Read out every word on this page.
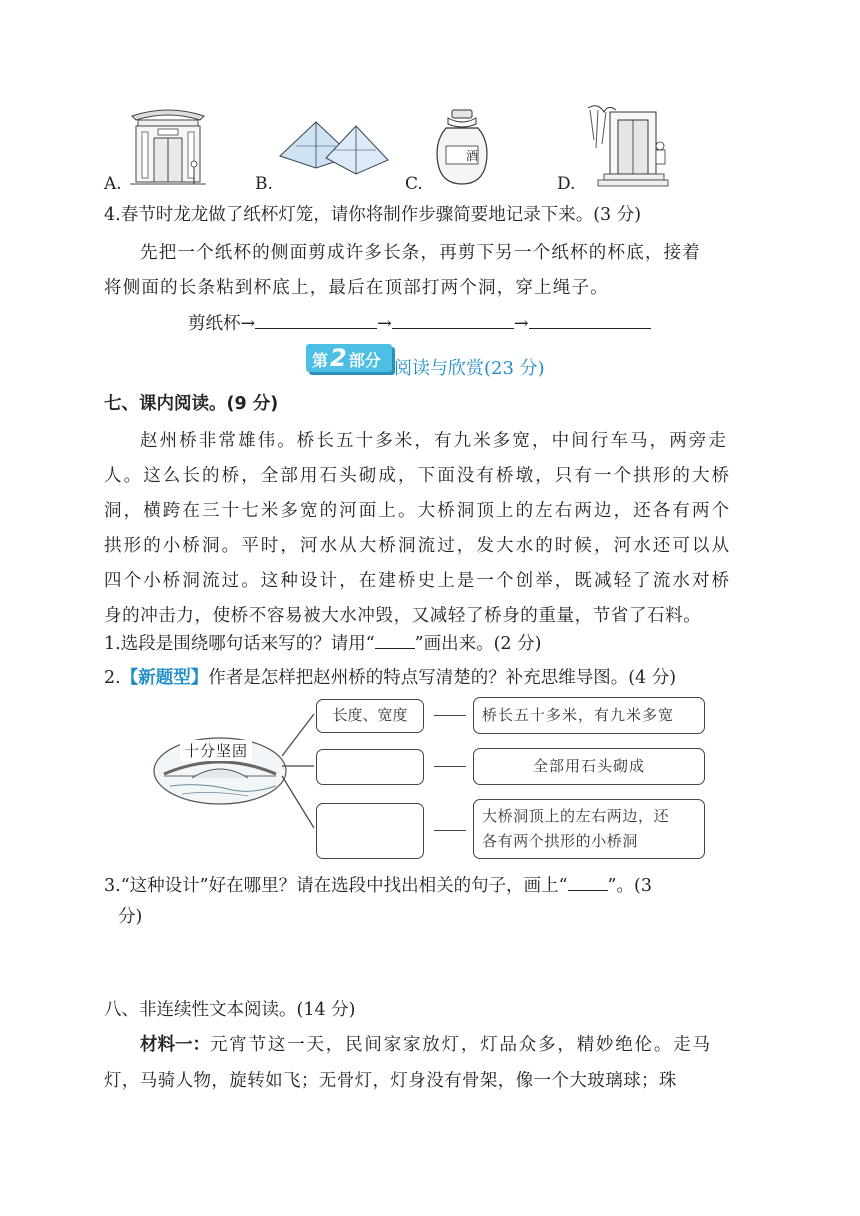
A.	B.
酒
C.	D.
4.春节时龙龙做了纸杯灯笼，请你将制作步骤简要地记录下来。(3 分)
先把一个纸杯的侧面剪成许多长条，再剪下另一个纸杯的杯底，接着
将侧面的长条粘到杯底上，最后在顶部打两个洞，穿上绳子。
剪纸杯→	→	→
第2 部分 阅读与欣赏(23 分)
七、课内阅读。(9 分)
赵州桥非常雄伟。桥长五十多米，有九米多宽，中间行车马，两旁走
人。这么长的桥，全部用石头砌成，下面没有桥墩，只有一个拱形的大桥
洞，横跨在三十七米多宽的河面上。大桥洞顶上的左右两边，还各有两个
拱形的小桥洞。平时，河水从大桥洞流过，发大水的时候，河水还可以从
四个小桥洞流过。这种设计，在建桥史上是一个创举，既减轻了流水对桥
身的冲击力，使桥不容易被大水冲毁，又减轻了桥身的重量，节省了石料。
1.选段是围绕哪句话来写的？请用“ ”画出来。(2 分)
2.【新题型】作者是怎样把赵州桥的特点写清楚的？补充思维导图。(4 分)
十分坚固
长度、宽度	桥长五十多米，有九米多宽
全部用石头砌成
大桥洞顶上的左右两边，还
各有两个拱形的小桥洞
3.“这种设计”好在哪里？请在选段中找出相关的句子，画上“ ”。(3
分)
八、非连续性文本阅读。(14 分)
材料一：元宵节这一天，民间家家放灯，灯品众多，精妙绝伦。走马
灯，马骑人物，旋转如飞；无骨灯，灯身没有骨架，像一个大玻璃球；珠
